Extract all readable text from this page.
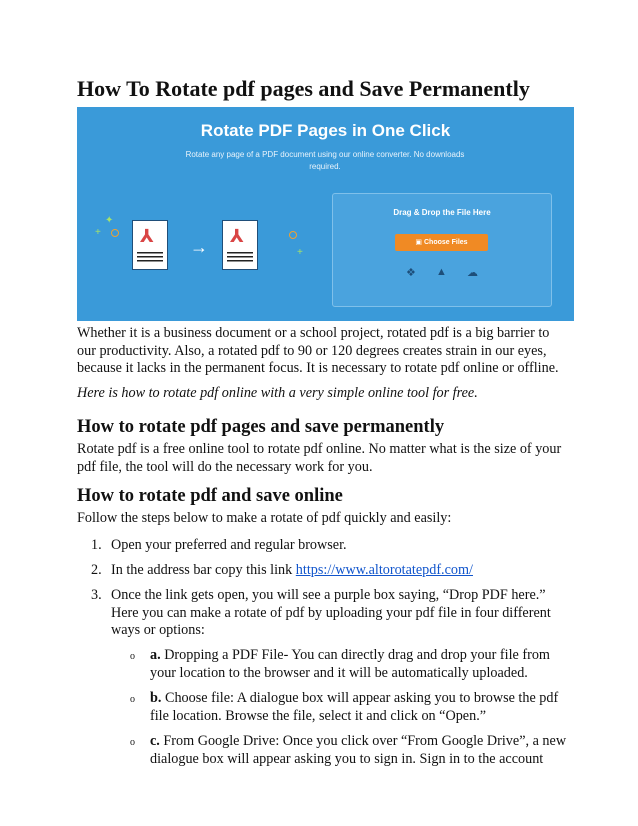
How To Rotate pdf pages and Save Permanently
Rotate PDF Pages in One Click
Rotate any page of a PDF document using our online converter. No downloads required.
+
✦
+
⅄
→
⅄
Drag & Drop the File Here
▣ Choose Files
❖ ▲ ☁

Whether it is a business document or a school project, rotated pdf is a big barrier to our productivity. Also, a rotated pdf to 90 or 120 degrees creates strain in our eyes, because it lacks in the permanent focus. It is necessary to rotate pdf online or offline.

Here is how to rotate pdf online with a very simple online tool for free.

How to rotate pdf pages and save permanently

Rotate pdf is a free online tool to rotate pdf online. No matter what is the size of your pdf file, the tool will do the necessary work for you.

How to rotate pdf and save online

Follow the steps below to make a rotate of pdf quickly and easily:

1. Open your preferred and regular browser.
2. In the address bar copy this link https://www.altorotatepdf.com/
3. Once the link gets open, you will see a purple box saying, “Drop PDF here.” Here you can make a rotate of pdf by uploading your pdf file in four different ways or options:
o a. Dropping a PDF File- You can directly drag and drop your file from your location to the browser and it will be automatically uploaded.
o b. Choose file: A dialogue box will appear asking you to browse the pdf file location. Browse the file, select it and click on “Open.”
o c. From Google Drive: Once you click over “From Google Drive”, a new dialogue box will appear asking you to sign in. Sign in to the account
